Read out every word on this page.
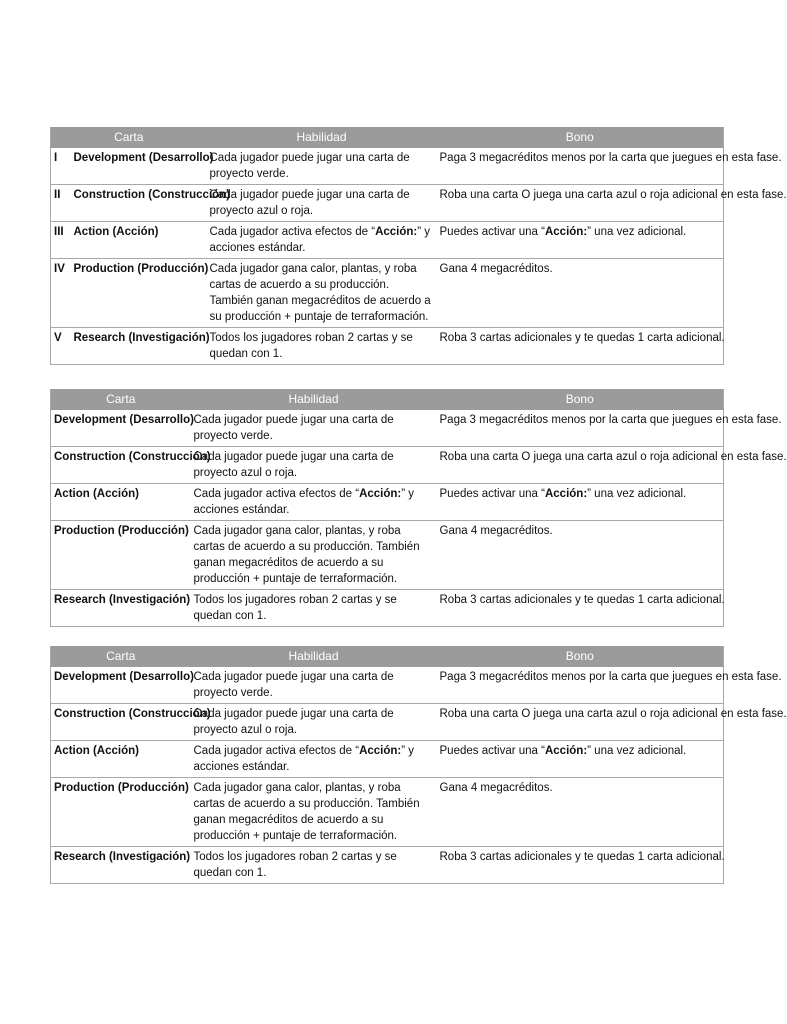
Carta		Habilidad	Bono
I	Development (Desarrollo)	Cada jugador puede jugar una carta de proyecto verde.	Paga 3 megacréditos menos por la carta que juegues en esta fase.
II	Construction (Construcción)	Cada jugador puede jugar una carta de proyecto azul o roja.	Roba una carta O juega una carta azul o roja adicional en esta fase.
III	Action (Acción)	Cada jugador activa efectos de “Acción:” y acciones estándar.	Puedes activar una “Acción:” una vez adicional.
IV	Production (Producción)	Cada jugador gana calor, plantas, y roba cartas de acuerdo a su producción. También ganan megacréditos de acuerdo a su producción + puntaje de terraformación.	Gana 4 megacréditos.
V	Research (Investigación)	Todos los jugadores roban 2 cartas y se quedan con 1.	Roba 3 cartas adicionales y te quedas 1 carta adicional.
Carta	Habilidad	Bono
Development (Desarrollo)	Cada jugador puede jugar una carta de proyecto verde.	Paga 3 megacréditos menos por la carta que juegues en esta fase.
Construction (Construcción)	Cada jugador puede jugar una carta de proyecto azul o roja.	Roba una carta O juega una carta azul o roja adicional en esta fase.
Action (Acción)	Cada jugador activa efectos de “Acción:” y acciones estándar.	Puedes activar una “Acción:” una vez adicional.
Production (Producción)	Cada jugador gana calor, plantas, y roba cartas de acuerdo a su producción. También ganan megacréditos de acuerdo a su producción + puntaje de terraformación.	Gana 4 megacréditos.
Research (Investigación)	Todos los jugadores roban 2 cartas y se quedan con 1.	Roba 3 cartas adicionales y te quedas 1 carta adicional.
Carta	Habilidad	Bono
Development (Desarrollo)	Cada jugador puede jugar una carta de proyecto verde.	Paga 3 megacréditos menos por la carta que juegues en esta fase.
Construction (Construcción)	Cada jugador puede jugar una carta de proyecto azul o roja.	Roba una carta O juega una carta azul o roja adicional en esta fase.
Action (Acción)	Cada jugador activa efectos de “Acción:” y acciones estándar.	Puedes activar una “Acción:” una vez adicional.
Production (Producción)	Cada jugador gana calor, plantas, y roba cartas de acuerdo a su producción. También ganan megacréditos de acuerdo a su producción + puntaje de terraformación.	Gana 4 megacréditos.
Research (Investigación)	Todos los jugadores roban 2 cartas y se quedan con 1.	Roba 3 cartas adicionales y te quedas 1 carta adicional.
